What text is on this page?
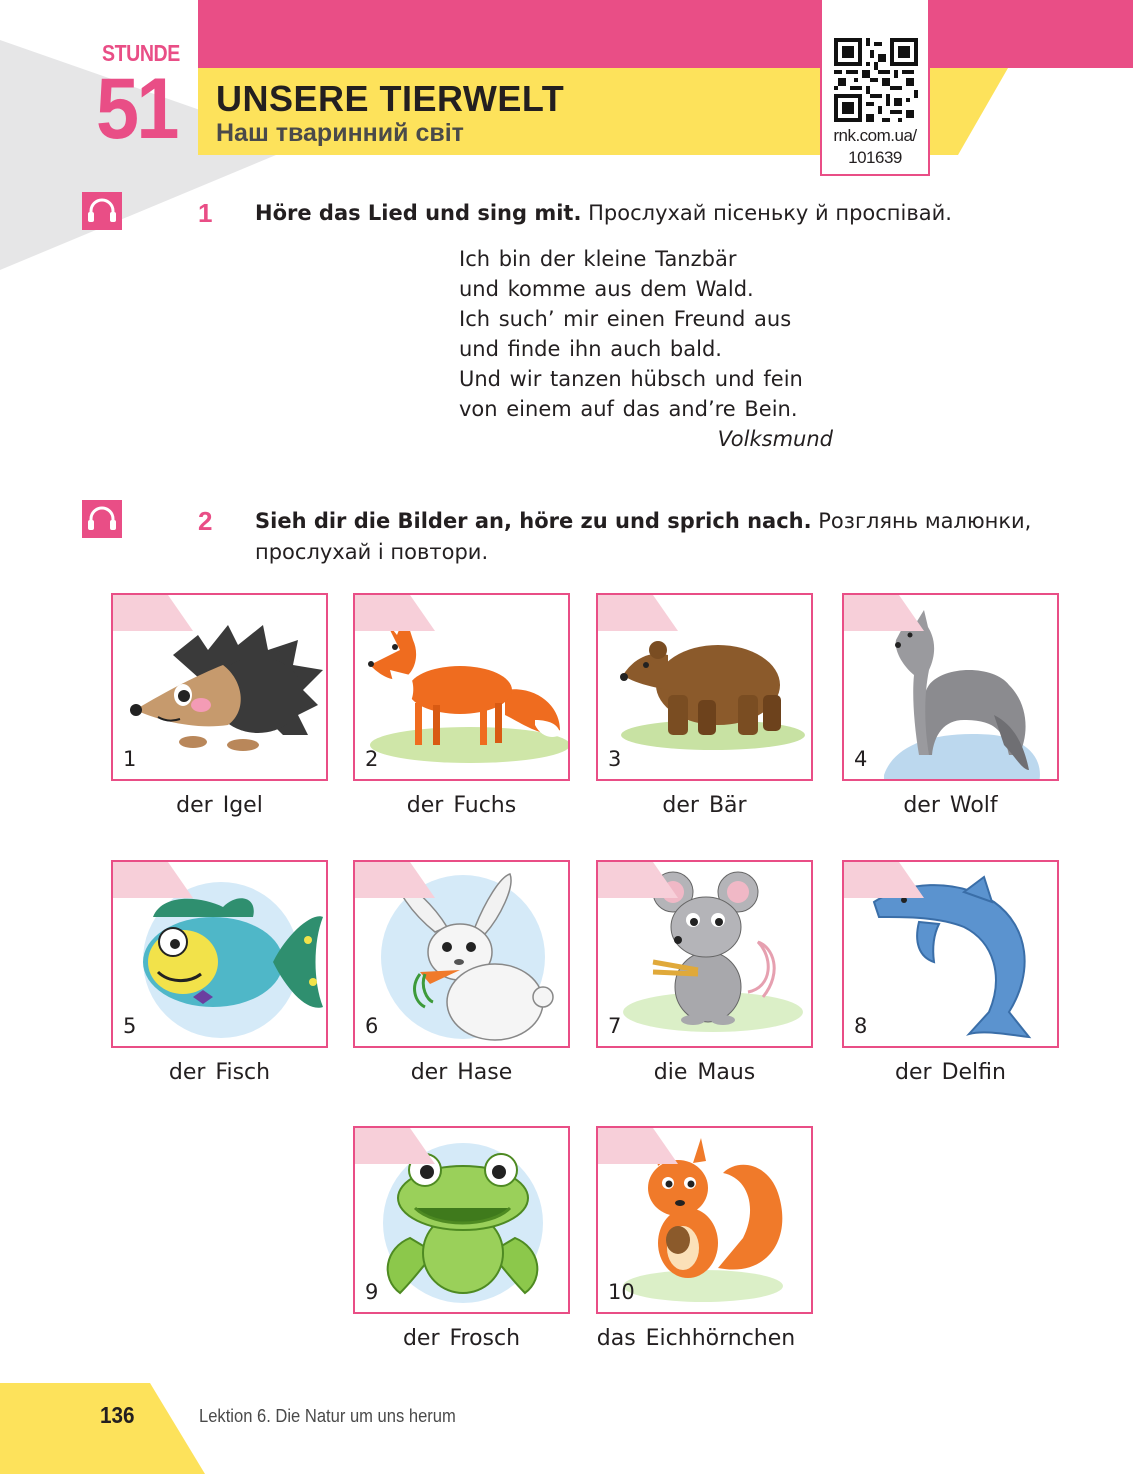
STUNDE
51 UNSERE TIERWELT
Наш тваринний світ	rnk.com.ua/
101639
1 Höre das Lied und sing mit. Прослухай пісеньку й проспівай.
Ich bin der kleine Tanzbär
und komme aus dem Wald.
Ich such’ mir einen Freund aus
und finde ihn auch bald.
Und wir tanzen hübsch und fein
von einem auf das and’re Bein.
Volksmund
2 Sieh dir die Bilder an, höre zu und sprich nach. Розглянь малюнки,
прослухай і повтори.
1
der Igel
2
der Fuchs
3
der Bär
4
der Wolf
5
der Fisch
6
der Hase
7
die Maus
8
der Delfin
9
der Frosch
10
das Eichhörnchen
136	Lektion 6. Die Natur um uns herum
